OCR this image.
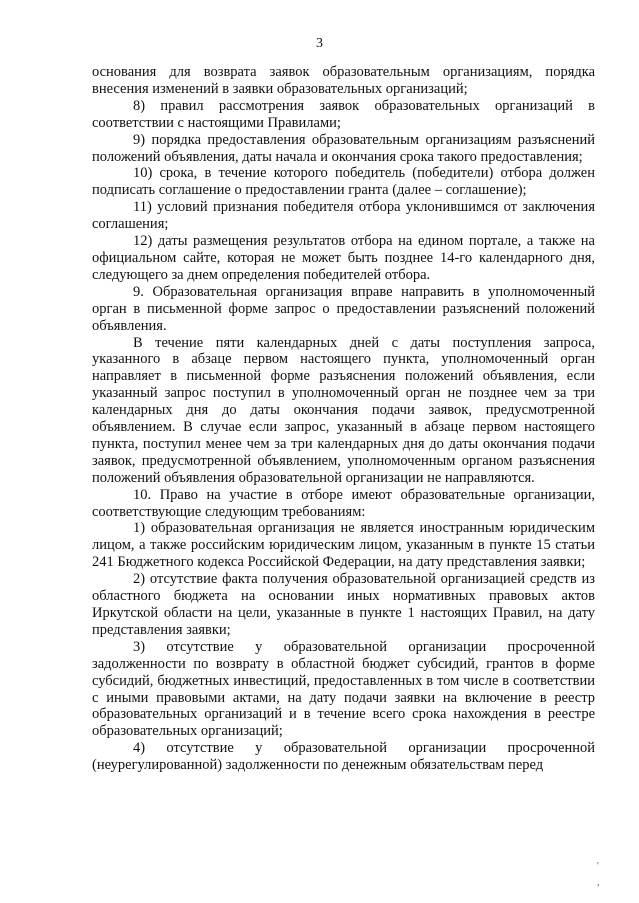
3

основания для возврата заявок образовательным организациям, порядка внесения изменений в заявки образовательных организаций;

8) правил рассмотрения заявок образовательных организаций в соответствии с настоящими Правилами;

9) порядка предоставления образовательным организациям разъяснений положений объявления, даты начала и окончания срока такого предоставления;

10) срока, в течение которого победитель (победители) отбора должен подписать соглашение о предоставлении гранта (далее – соглашение);

11) условий признания победителя отбора уклонившимся от заключения соглашения;

12) даты размещения результатов отбора на едином портале, а также на официальном сайте, которая не может быть позднее 14-го календарного дня, следующего за днем определения победителей отбора.

9. Образовательная организация вправе направить в уполномоченный орган в письменной форме запрос о предоставлении разъяснений положений объявления.

В течение пяти календарных дней с даты поступления запроса, указанного в абзаце первом настоящего пункта, уполномоченный орган направляет в письменной форме разъяснения положений объявления, если указанный запрос поступил в уполномоченный орган не позднее чем за три календарных дня до даты окончания подачи заявок, предусмотренной объявлением. В случае если запрос, указанный в абзаце первом настоящего пункта, поступил менее чем за три календарных дня до даты окончания подачи заявок, предусмотренной объявлением, уполномоченным органом разъяснения положений объявления образовательной организации не направляются.

10. Право на участие в отборе имеют образовательные организации, соответствующие следующим требованиям:

1) образовательная организация не является иностранным юридическим лицом, а также российским юридическим лицом, указанным в пункте 15 статьи 241 Бюджетного кодекса Российской Федерации, на дату представления заявки;

2) отсутствие факта получения образовательной организацией средств из областного бюджета на основании иных нормативных правовых актов Иркутской области на цели, указанные в пункте 1 настоящих Правил, на дату представления заявки;

3) отсутствие у образовательной организации просроченной задолженности по возврату в областной бюджет субсидий, грантов в форме субсидий, бюджетных инвестиций, предоставленных в том числе в соответствии с иными правовыми актами, на дату подачи заявки на включение в реестр образовательных организаций и в течение всего срока нахождения в реестре образовательных организаций;

4) отсутствие у образовательной организации просроченной (неурегулированной) задолженности по денежным обязательствам перед

'
,
